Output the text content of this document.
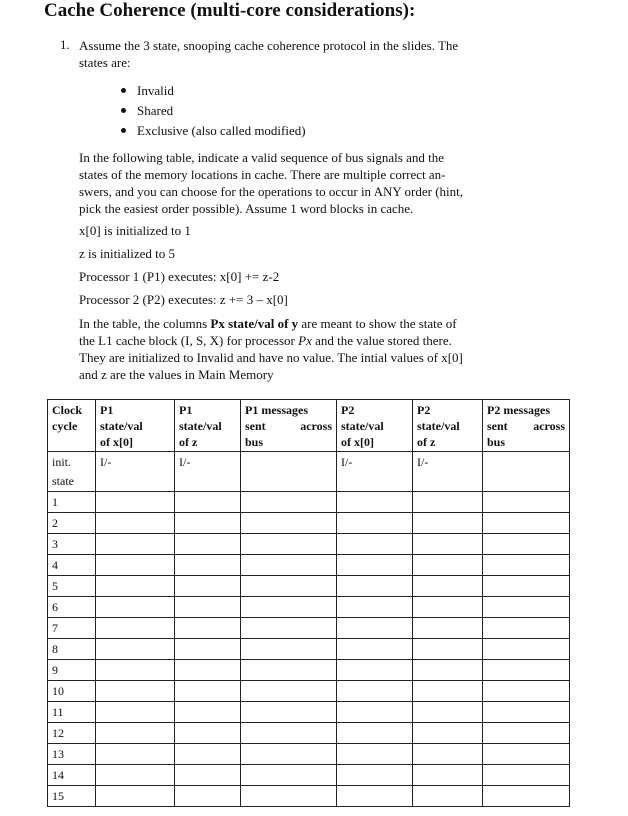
Cache Coherence (multi-core considerations):
1. Assume the 3 state, snooping cache coherence protocol in the slides. The
states are:
Invalid
Shared
Exclusive (also called modified)
In the following table, indicate a valid sequence of bus signals and the
states of the memory locations in cache. There are multiple correct an-
swers, and you can choose for the operations to occur in ANY order (hint,
pick the easiest order possible). Assume 1 word blocks in cache.
x[0] is initialized to 1
z is initialized to 5
Processor 1 (P1) executes: x[0] += z-2
Processor 2 (P2) executes: z += 3 – x[0]
In the table, the columns Px state/val of y are meant to show the state of
the L1 cache block (I, S, X) for processor Px and the value stored there.
They are initialized to Invalid and have no value. The intial values of x[0]
and z are the values in Main Memory
Clock
cycle	P1
state/val
of x[0]	P1
state/val
of z	P1 messages
sent across
bus	P2
state/val
of x[0]	P2
state/val
of z	P2 messages
sent across
bus
init. state	I/-	I/-		I/-	I/-	
1						
2						
3						
4						
5						
6						
7						
8						
9						
10						
11						
12						
13						
14						
15						
